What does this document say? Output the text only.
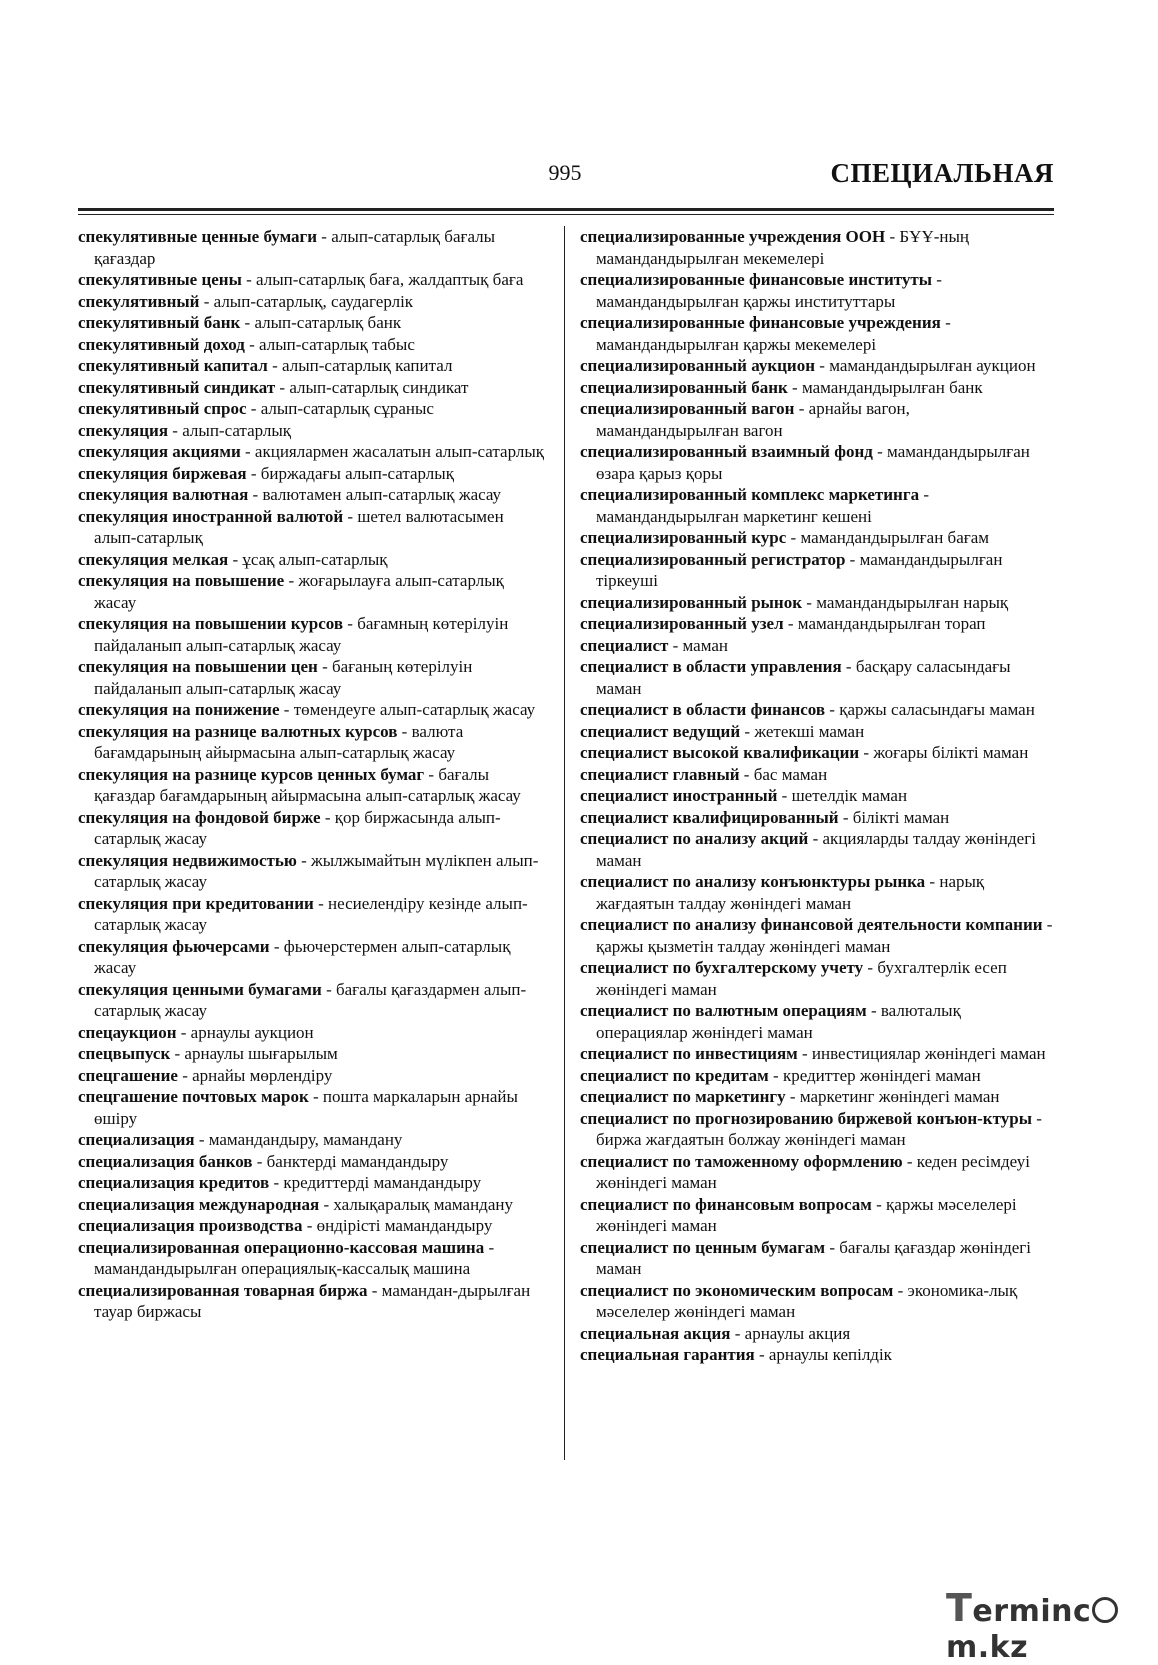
995	СПЕЦИАЛЬНАЯ

спекулятивные ценные бумаги - алып-сатарлық бағалы қағаздар

спекулятивные цены - алып-сатарлық баға, жалдаптық баға

спекулятивный - алып-сатарлық, саудагерлік

спекулятивный банк - алып-сатарлық банк

спекулятивный доход - алып-сатарлық табыс

спекулятивный капитал - алып-сатарлық капитал

спекулятивный синдикат - алып-сатарлық синдикат

спекулятивный спрос - алып-сатарлық сұраныс

спекуляция - алып-сатарлық

спекуляция акциями - акциялармен жасалатын алып-сатарлық

спекуляция биржевая - биржадағы алып-сатарлық

спекуляция валютная - валютамен алып-сатарлық жасау

спекуляция иностранной валютой - шетел валютасымен алып-сатарлық

спекуляция мелкая - ұсақ алып-сатарлық

спекуляция на повышение - жоғарылауға алып-сатарлық жасау

спекуляция на повышении курсов - бағамның көтерілуін пайдаланып алып-сатарлық жасау

спекуляция на повышении цен - бағаның көтерілуін пайдаланып алып-сатарлық жасау

спекуляция на понижение - төмендеуге алып-сатарлық жасау

спекуляция на разнице валютных курсов - валюта бағамдарының айырмасына алып-сатарлық жасау

спекуляция на разнице курсов ценных бумаг - бағалы қағаздар бағамдарының айырмасына алып-сатарлық жасау

спекуляция на фондовой бирже - қор биржасында алып-сатарлық жасау

спекуляция недвижимостью - жылжымайтын мүлікпен алып-сатарлық жасау

спекуляция при кредитовании - несиелендіру кезінде алып-сатарлық жасау

спекуляция фьючерсами - фьючерстермен алып-сатарлық жасау

спекуляция ценными бумагами - бағалы қағаздармен алып-сатарлық жасау

спецаукцион - арнаулы аукцион

спецвыпуск - арнаулы шығарылым

спецгашение - арнайы мөрлендіру

спецгашение почтовых марок - пошта маркаларын арнайы өшіру

специализация - мамандандыру, мамандану

специализация банков - банктерді мамандандыру

специализация кредитов - кредиттерді мамандандыру

специализация международная - халықаралық мамандану

специализация производства - өндірісті мамандандыру

специализированная операционно-кассовая машина - мамандандырылған операциялық-кассалық машина

специализированная товарная биржа - мамандан-дырылған тауар биржасы

специализированные учреждения ООН - БҰҰ-ның мамандандырылған мекемелері

специализированные финансовые институты - мамандандырылған қаржы институттары

специализированные финансовые учреждения - мамандандырылған қаржы мекемелері

специализированный аукцион - мамандандырылған аукцион

специализированный банк - мамандандырылған банк

специализированный вагон - арнайы вагон, мамандандырылған вагон

специализированный взаимный фонд - мамандандырылған өзара қарыз қоры

специализированный комплекс маркетинга - мамандандырылған маркетинг кешені

специализированный курс - мамандандырылған бағам

специализированный регистратор - мамандандырылған тіркеуші

специализированный рынок - мамандандырылған нарық

специализированный узел - мамандандырылған торап

специалист - маман

специалист в области управления - басқару саласындағы маман

специалист в области финансов - қаржы саласындағы маман

специалист ведущий - жетекші маман

специалист высокой квалификации - жоғары білікті маман

специалист главный - бас маман

специалист иностранный - шетелдік маман

специалист квалифицированный - білікті маман

специалист по анализу акций - акцияларды талдау жөніндегі маман

специалист по анализу конъюнктуры рынка - нарық жағдаятын талдау жөніндегі маман

специалист по анализу финансовой деятельности компании - қаржы қызметін талдау жөніндегі маман

специалист по бухгалтерскому учету - бухгалтерлік есеп жөніндегі маман

специалист по валютным операциям - валюталық операциялар жөніндегі маман

специалист по инвестициям - инвестициялар жөніндегі маман

специалист по кредитам - кредиттер жөніндегі маман

специалист по маркетингу - маркетинг жөніндегі маман

специалист по прогнозированию биржевой конъюн-ктуры - биржа жағдаятын болжау жөніндегі маман

специалист по таможенному оформлению - кеден ресімдеуі жөніндегі маман

специалист по финансовым вопросам - қаржы мәселелері жөніндегі маман

специалист по ценным бумагам - бағалы қағаздар жөніндегі маман

специалист по экономическим вопросам - экономика-лық мәселелер жөніндегі маман

специальная акция - арнаулы акция

специальная гарантия - арнаулы кепілдік

Termincm.kz
